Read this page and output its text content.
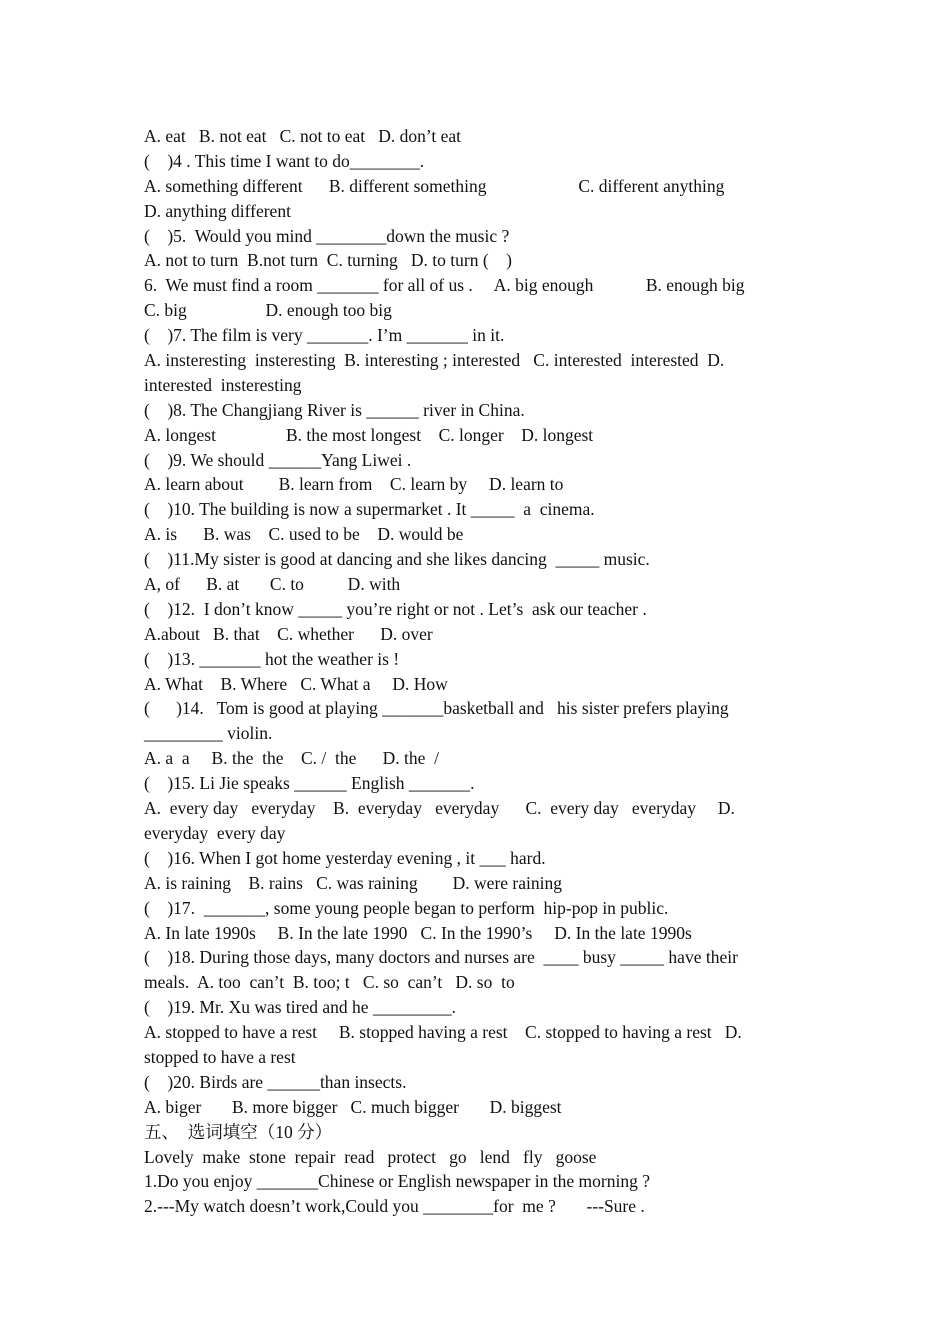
A. eat   B. not eat   C. not to eat   D. don’t eat
(    )4 . This time I want to do________.
A. something different      B. different something                     C. different anything
D. anything different
(    )5.  Would you mind ________down the music ?
A. not to turn  B.not turn  C. turning   D. to turn (    )
6.  We must find a room _______ for all of us .     A. big enough            B. enough big
C. big                  D. enough too big
(    )7. The film is very _______. I’m _______ in it.
A. insteresting  insteresting  B. interesting ; interested   C. interested  interested  D.
interested  insteresting
(    )8. The Changjiang River is ______ river in China.
A. longest                B. the most longest    C. longer    D. longest
(    )9. We should ______Yang Liwei .
A. learn about        B. learn from    C. learn by     D. learn to
(    )10. The building is now a supermarket . It _____  a  cinema.
A. is      B. was    C. used to be    D. would be
(    )11.My sister is good at dancing and she likes dancing  _____ music.
A, of      B. at       C. to          D. with
(    )12.  I don’t know _____ you’re right or not . Let’s  ask our teacher .
A.about   B. that    C. whether      D. over
(    )13. _______ hot the weather is !
A. What    B. Where   C. What a     D. How
(      )14.   Tom is good at playing _______basketball and   his sister prefers playing
_________ violin.
A. a  a     B. the  the    C. /  the      D. the  /
(    )15. Li Jie speaks ______ English _______.
A.  every day   everyday    B.  everyday   everyday      C.  every day   everyday     D.
everyday  every day
(    )16. When I got home yesterday evening , it ___ hard.
A. is raining    B. rains   C. was raining        D. were raining
(    )17.  _______, some young people began to perform  hip-pop in public.
A. In late 1990s     B. In the late 1990   C. In the 1990’s     D. In the late 1990s
(    )18. During those days, many doctors and nurses are  ____ busy _____ have their
meals.  A. too  can’t  B. too; t   C. so  can’t   D. so  to
(    )19. Mr. Xu was tired and he _________.
A. stopped to have a rest     B. stopped having a rest    C. stopped to having a rest   D.
stopped to have a rest
(    )20. Birds are ______than insects.
A. biger       B. more bigger   C. much bigger       D. biggest
五、  选词填空（10 分）
Lovely  make  stone  repair  read   protect   go   lend   fly   goose
1.Do you enjoy _______Chinese or English newspaper in the morning ?
2.---My watch doesn’t work,Could you ________for  me ?       ---Sure .
